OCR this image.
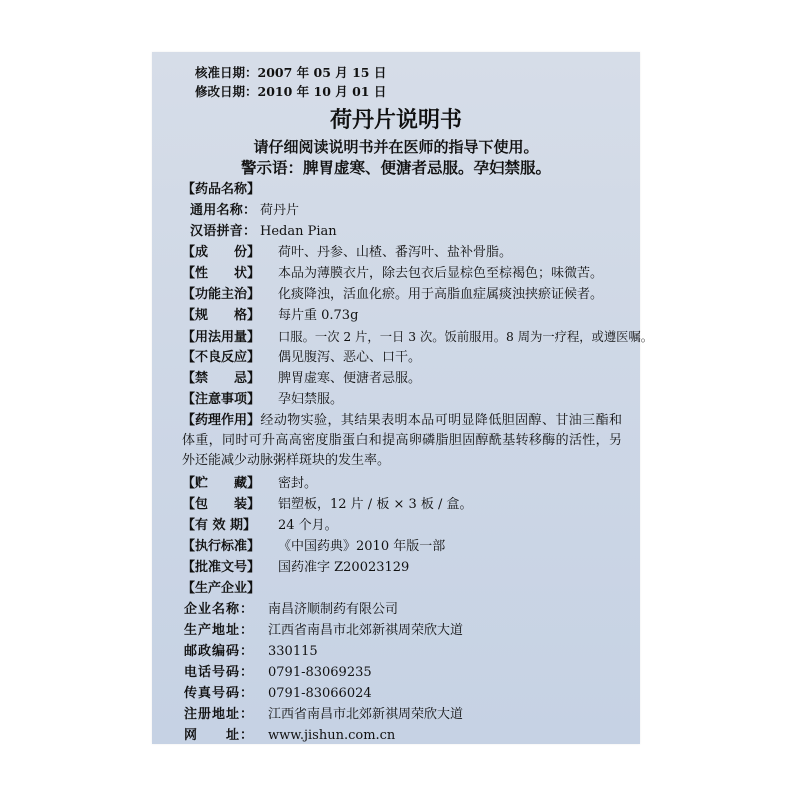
核准日期：2007 年 05 月 15 日
修改日期：2010 年 10 月 01 日
荷丹片说明书
请仔细阅读说明书并在医师的指导下使用。
警示语：脾胃虚寒、便溏者忌服。孕妇禁服。
【药品名称】
通用名称： 荷丹片
汉语拼音： Hedan Pian
【成　　份】 荷叶、丹参、山楂、番泻叶、盐补骨脂。
【性　　状】 本品为薄膜衣片，除去包衣后显棕色至棕褐色；味微苦。
【功能主治】 化痰降浊，活血化瘀。用于高脂血症属痰浊挟瘀证候者。
【规　　格】 每片重 0.73g
【用法用量】 口服。一次 2 片，一日 3 次。饭前服用。8 周为一疗程，或遵医嘱。
【不良反应】 偶见腹泻、恶心、口干。
【禁　　忌】 脾胃虚寒、便溏者忌服。
【注意事项】 孕妇禁服。
【药理作用】经动物实验，其结果表明本品可明显降低胆固醇、甘油三酯和体重，同时可升高高密度脂蛋白和提高卵磷脂胆固醇酰基转移酶的活性，另外还能减少动脉粥样斑块的发生率。
【贮　　藏】 密封。
【包　　装】 铝塑板，12 片 / 板 × 3 板 / 盒。
【有 效 期】 24 个月。
【执行标准】 《中国药典》2010 年版一部
【批准文号】 国药准字 Z20023129
【生产企业】
企业名称： 南昌济顺制药有限公司
生产地址： 江西省南昌市北郊新祺周荣欣大道
邮政编码： 330115
电话号码： 0791-83069235
传真号码： 0791-83066024
注册地址： 江西省南昌市北郊新祺周荣欣大道
网　　址： www.jishun.com.cn
